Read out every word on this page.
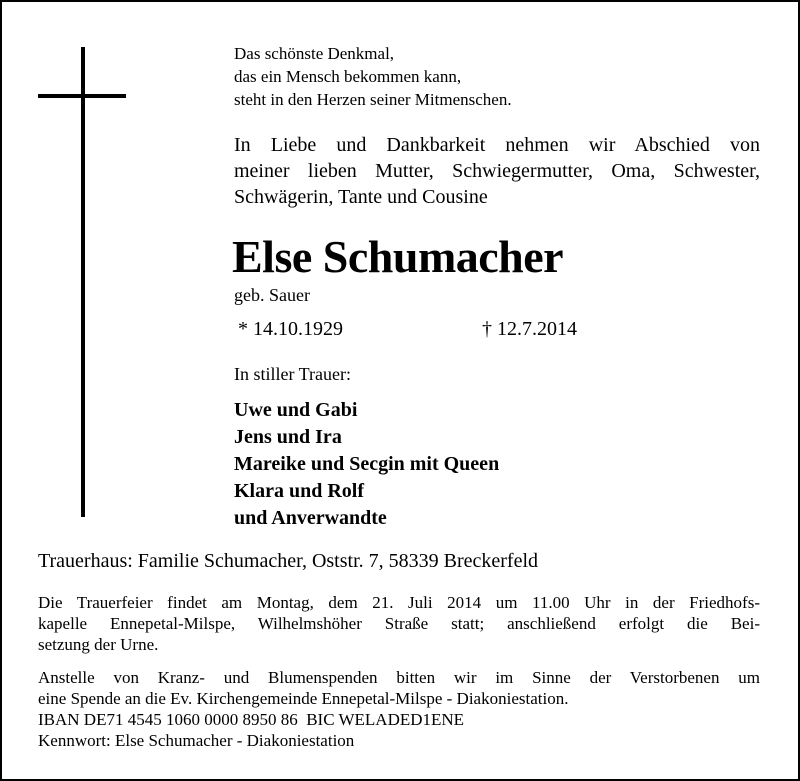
Das schönste Denkmal,
das ein Mensch bekommen kann,
steht in den Herzen seiner Mitmenschen.
In Liebe und Dankbarkeit nehmen wir Abschied von
meiner lieben Mutter, Schwiegermutter, Oma, Schwester,
Schwägerin, Tante und Cousine
Else Schumacher
geb. Sauer
* 14.10.1929	† 12.7.2014
In stiller Trauer:
Uwe und Gabi
Jens und Ira
Mareike und Secgin mit Queen
Klara und Rolf
und Anverwandte
Trauerhaus: Familie Schumacher, Oststr. 7, 58339 Breckerfeld
Die Trauerfeier findet am Montag, dem 21. Juli 2014 um 11.00 Uhr in der Friedhofs-
kapelle Ennepetal-Milspe, Wilhelmshöher Straße statt; anschließend erfolgt die Bei-
setzung der Urne.
Anstelle von Kranz- und Blumenspenden bitten wir im Sinne der Verstorbenen um
eine Spende an die Ev. Kirchengemeinde Ennepetal-Milspe - Diakoniestation.
IBAN DE71 4545 1060 0000 8950 86  BIC WELADED1ENE
Kennwort: Else Schumacher - Diakoniestation
